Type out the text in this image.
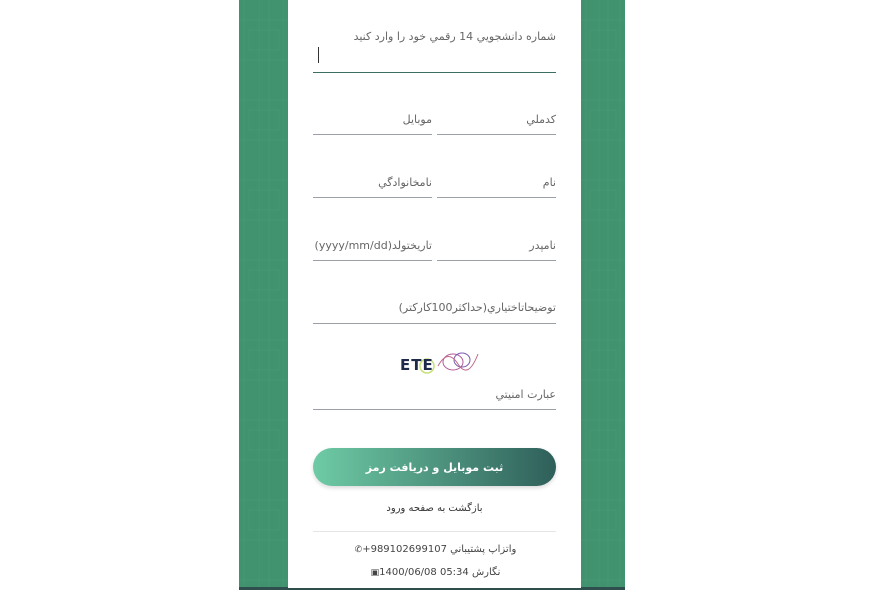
شماره دانشجويي 14 رقمي خود را وارد كنيد
كدملي
موبايل
نام
نامخانوادگي
نامپدر
تاريختولد(yyyy/mm/dd)
توضيحاتاختياري(حداكثر100كاركتر)
ETE
عبارت امنيتي
ثبت موبايل و دريافت رمز
بازگشت به صفحه ورود
واتزاپ پشتيباني +989102699107✆
نگارش 1400/06/08 05:34▣
